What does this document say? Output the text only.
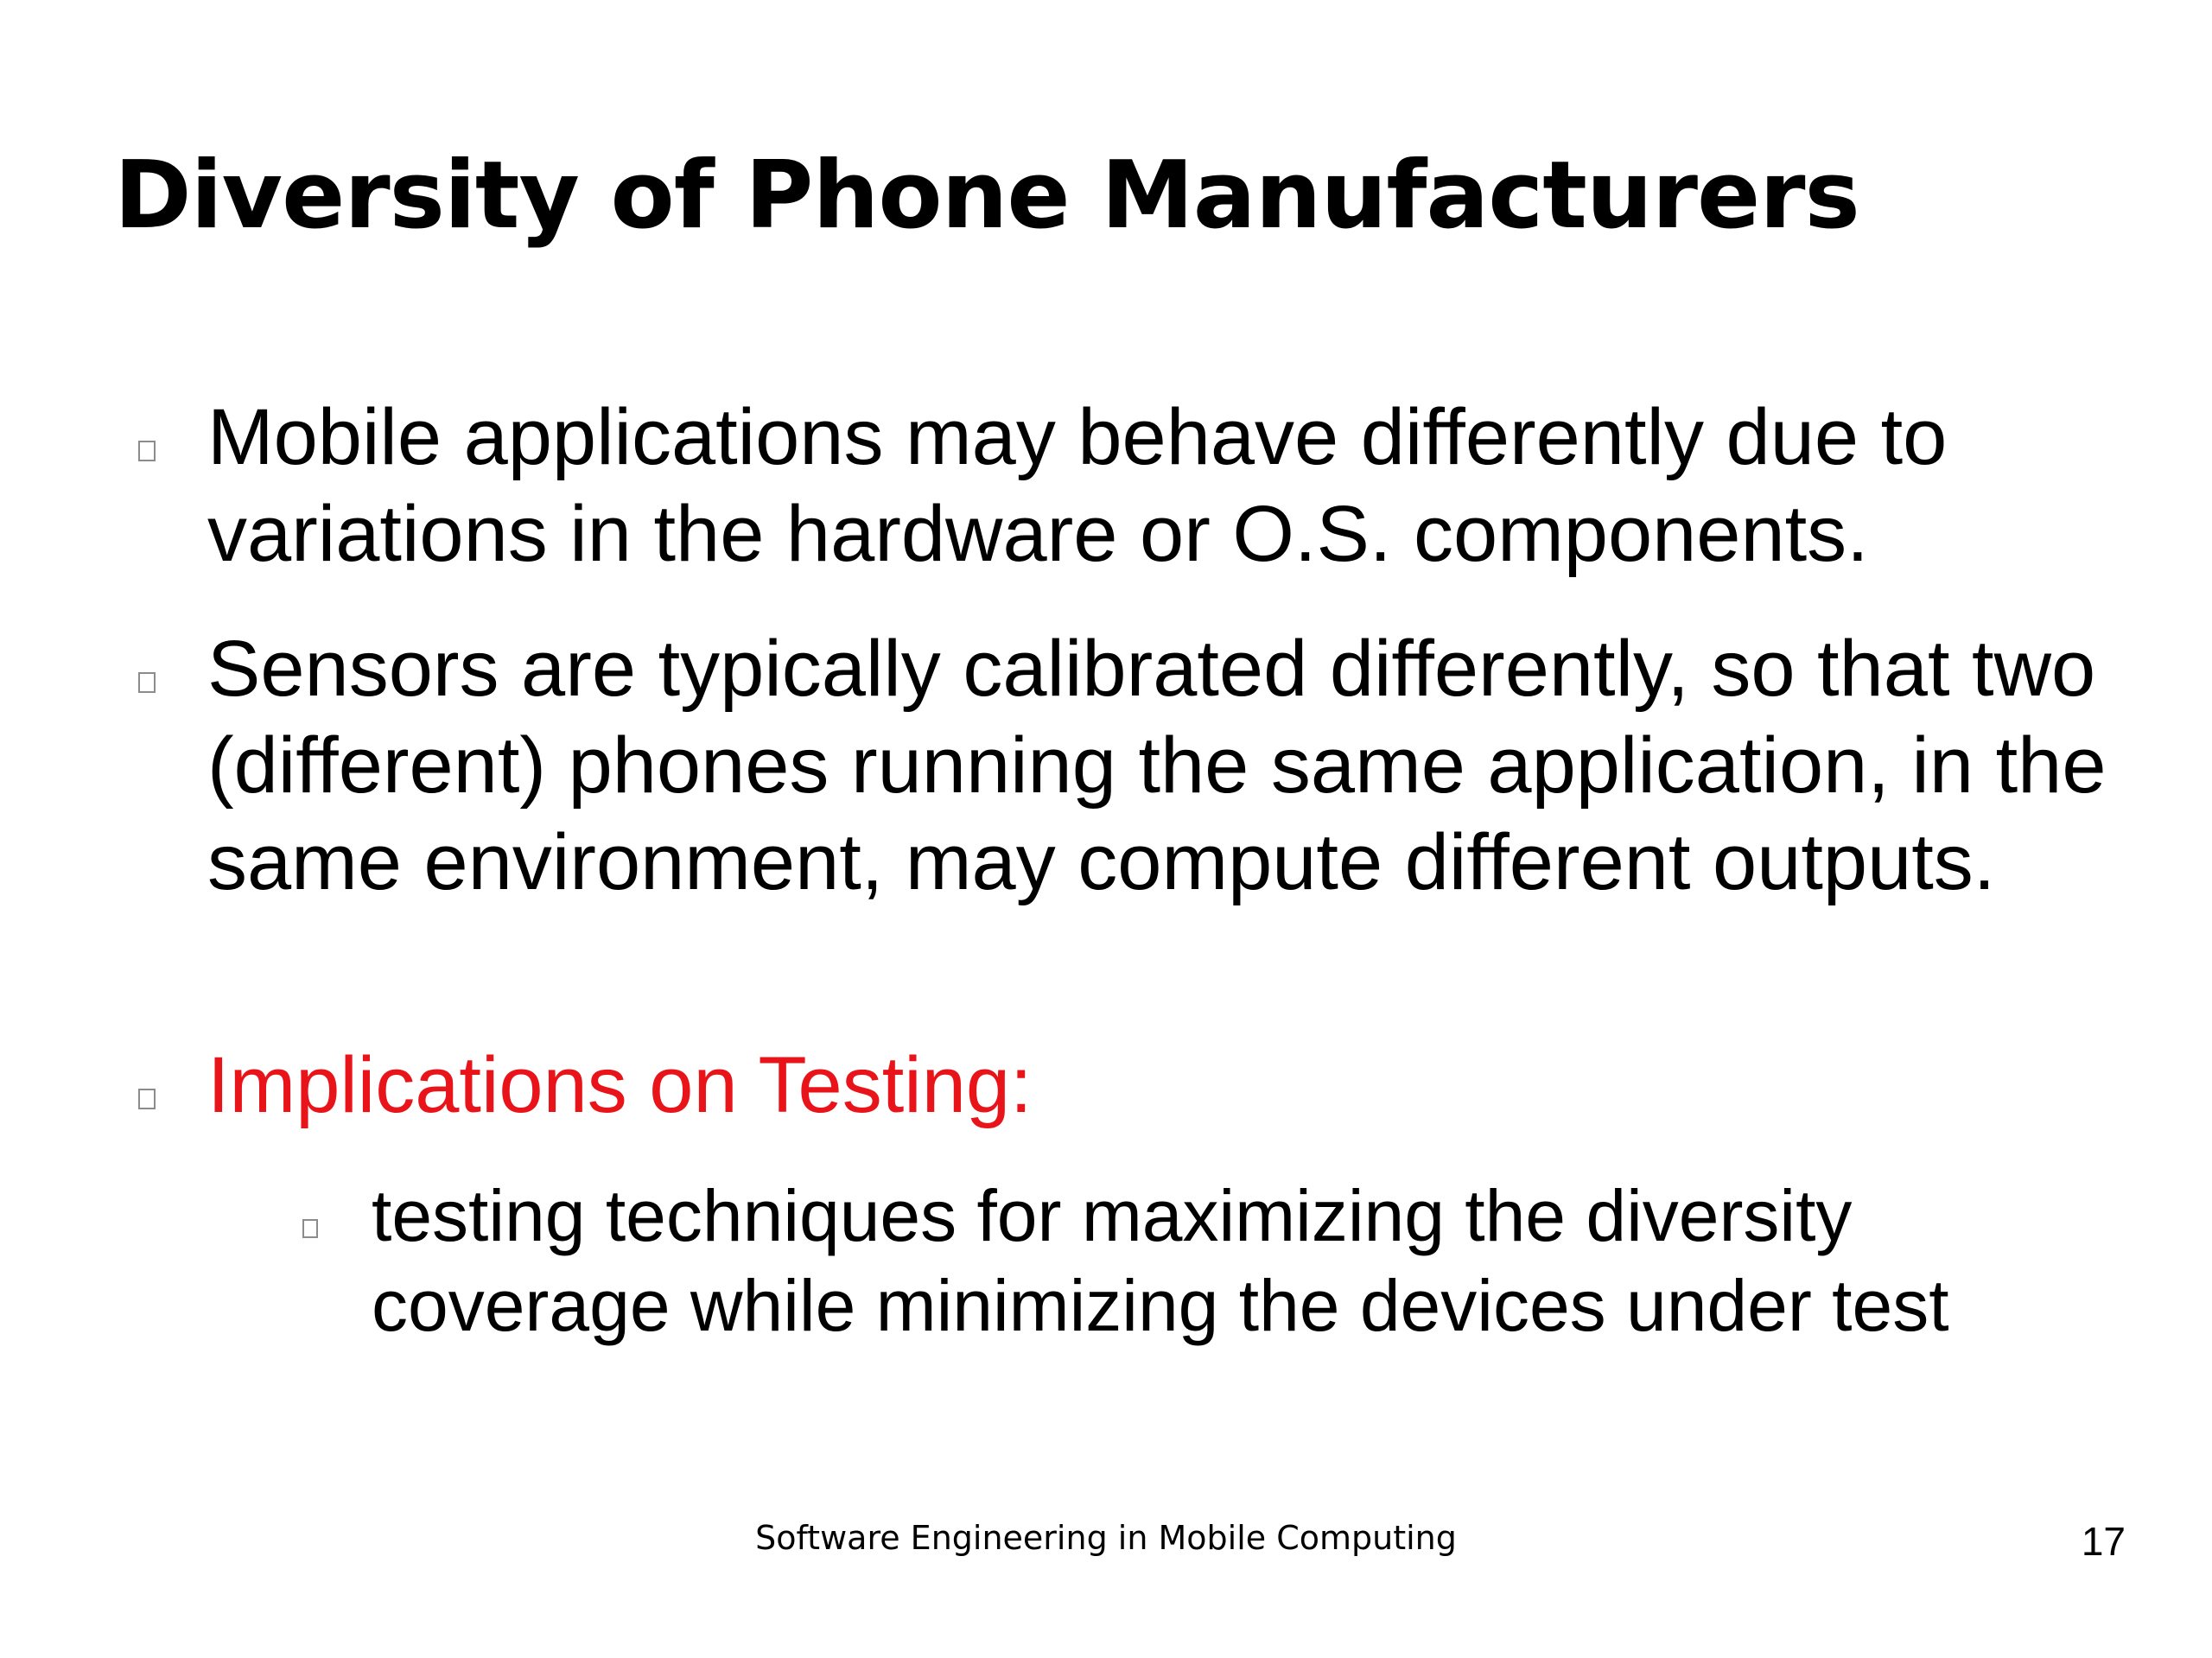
Diversity of Phone Manufacturers

Mobile applications may behave differently due to variations in the hardware or O.S. components.

Sensors are typically calibrated differently, so that two (different) phones running the same application, in the same environment, may compute different outputs.

Implications on Testing:

testing techniques for maximizing the diversity coverage while minimizing the devices under test

Software Engineering in Mobile Computing	17
